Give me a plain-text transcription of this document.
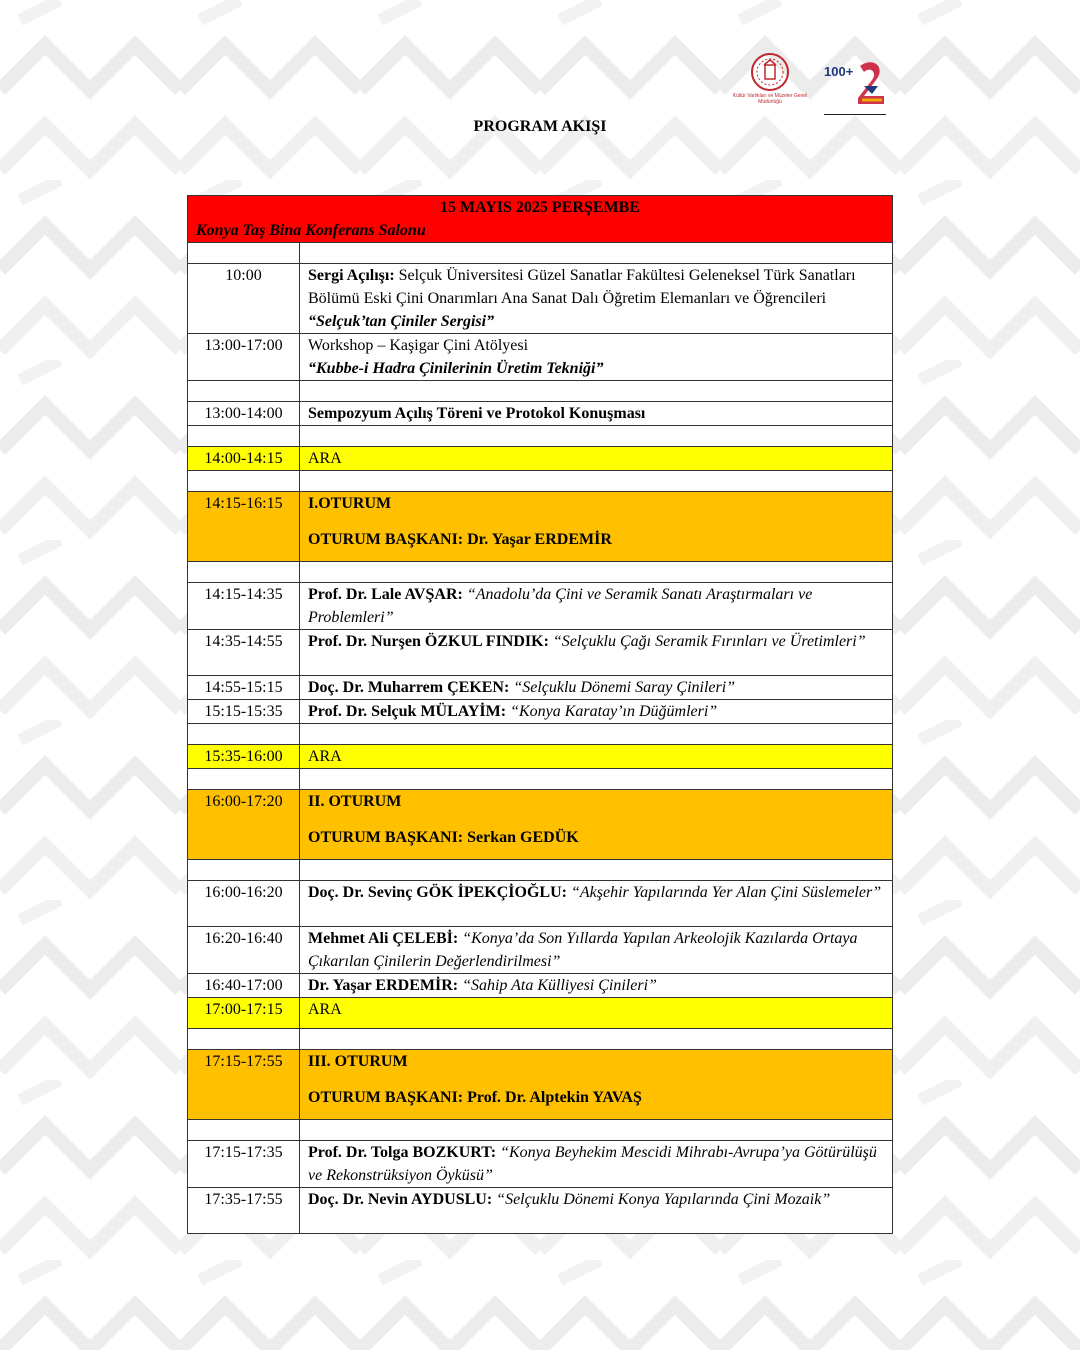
Kültür Varlıkları ve Müzeler Genel Müdürlüğü
100+
PROGRAM AKIŞI
15 MAYIS 2025 PERŞEMBE
Konya Taş Bina Konferans Salonu	

10:00	Sergi Açılışı: Selçuk Üniversitesi Güzel Sanatlar Fakültesi Geleneksel Türk Sanatları Bölümü Eski Çini Onarımları Ana Sanat Dalı Öğretim Elemanları ve Öğrencileri “Selçuk’tan Çiniler Sergisi”
13:00-17:00	Workshop – Kaşigar Çini Atölyesi
“Kubbe-i Hadra Çinilerinin Üretim Tekniği”

13:00-14:00	Sempozyum Açılış Töreni ve Protokol Konuşması

14:00-14:15	ARA

14:15-16:15	I.OTURUM
OTURUM BAŞKANI: Dr. Yaşar ERDEMİR

14:15-14:35	Prof. Dr. Lale AVŞAR: “Anadolu’da Çini ve Seramik Sanatı Araştırmaları ve Problemleri”
14:35-14:55	Prof. Dr. Nurşen ÖZKUL FINDIK: “Selçuklu Çağı Seramik Fırınları ve Üretimleri”
14:55-15:15	Doç. Dr. Muharrem ÇEKEN: “Selçuklu Dönemi Saray Çinileri”
15:15-15:35	Prof. Dr. Selçuk MÜLAYİM: “Konya Karatay’ın Düğümleri”

15:35-16:00	ARA

16:00-17:20	II. OTURUM
OTURUM BAŞKANI: Serkan GEDÜK

16:00-16:20	Doç. Dr. Sevinç GÖK İPEKÇİOĞLU: “Akşehir Yapılarında Yer Alan Çini Süslemeler”
16:20-16:40	Mehmet Ali ÇELEBİ: “Konya’da Son Yıllarda Yapılan Arkeolojik Kazılarda Ortaya Çıkarılan Çinilerin Değerlendirilmesi”
16:40-17:00	Dr. Yaşar ERDEMİR: “Sahip Ata Külliyesi Çinileri”
17:00-17:15	ARA

17:15-17:55	III. OTURUM
OTURUM BAŞKANI: Prof. Dr. Alptekin YAVAŞ

17:15-17:35	Prof. Dr. Tolga BOZKURT: “Konya Beyhekim Mescidi Mihrabı-Avrupa’ya Götürülüşü ve Rekonstrüksiyon Öyküsü”
17:35-17:55	Doç. Dr. Nevin AYDUSLU: “Selçuklu Dönemi Konya Yapılarında Çini Mozaik”
